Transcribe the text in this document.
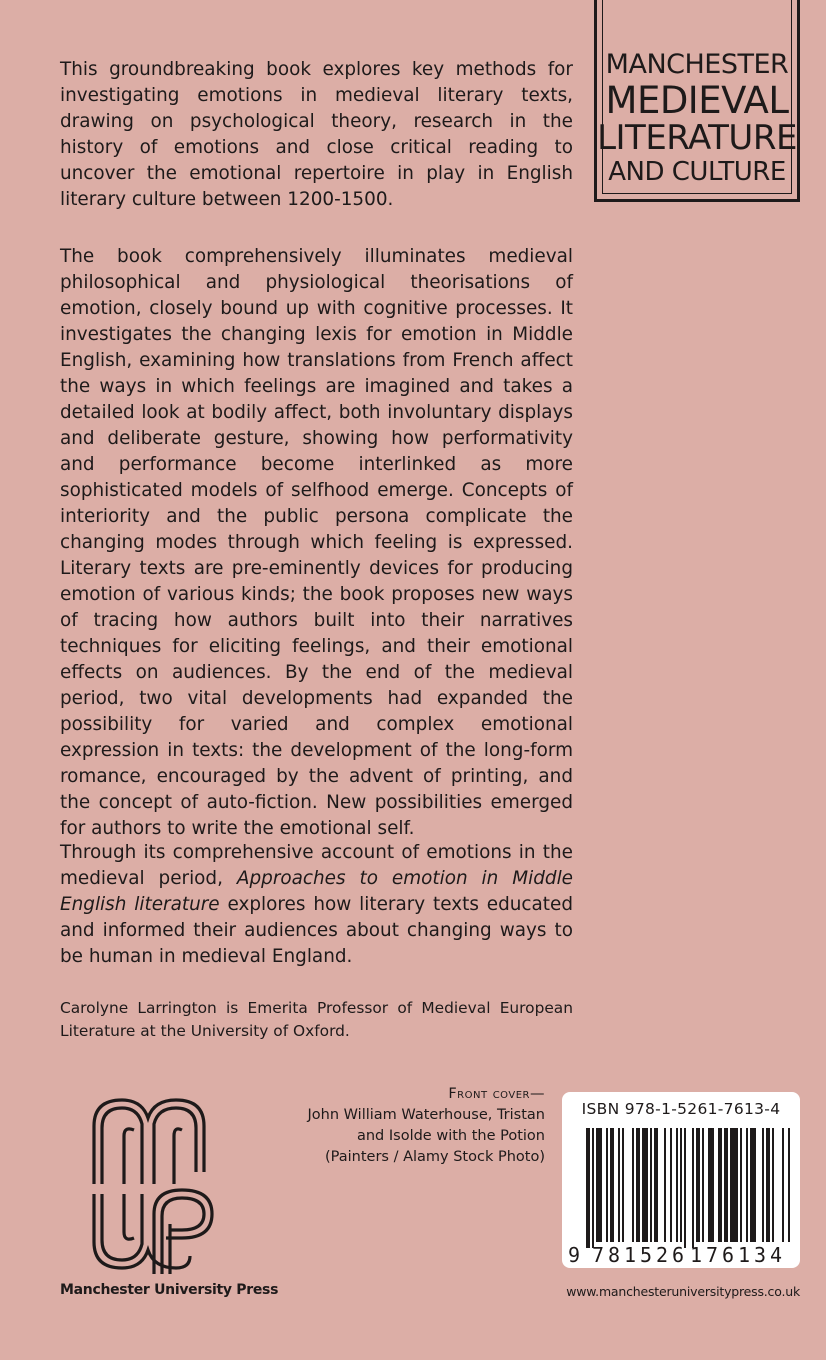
MANCHESTER
MEDIEVAL
LITERATURE
AND CULTURE

This groundbreaking book explores key methods for investigating emotions in medieval literary texts, drawing on psychological theory, research in the history of emotions and close critical reading to uncover the emotional repertoire in play in English literary culture between 1200-1500.

The book comprehensively illuminates medieval philosophical and physiological theorisations of emotion, closely bound up with cognitive processes. It investigates the changing lexis for emotion in Middle English, examining how translations from French affect the ways in which feelings are imagined and takes a detailed look at bodily affect, both involuntary displays and deliberate gesture, showing how performativity and performance become interlinked as more sophisticated models of selfhood emerge. Concepts of interiority and the public persona complicate the changing modes through which feeling is expressed. Literary texts are pre-eminently devices for producing emotion of various kinds; the book proposes new ways of tracing how authors built into their narratives techniques for eliciting feelings, and their emotional effects on audiences. By the end of the medieval period, two vital developments had expanded the possibility for varied and complex emotional expression in texts: the development of the long-form romance, encouraged by the advent of printing, and the concept of auto-fiction. New possibilities emerged for authors to write the emotional self.

Through its comprehensive account of emotions in the medieval period, Approaches to emotion in Middle English literature explores how literary texts educated and informed their audiences about changing ways to be human in medieval England.

Carolyne Larrington is Emerita Professor of Medieval European Literature at the University of Oxford.

Manchester University Press
Front cover—
John William Waterhouse, Tristan
and Isolde with the Potion
(Painters / Alamy Stock Photo)
ISBN 978-1-5261-7613-4
9 781526 176134
www.manchesteruniversitypress.co.uk
